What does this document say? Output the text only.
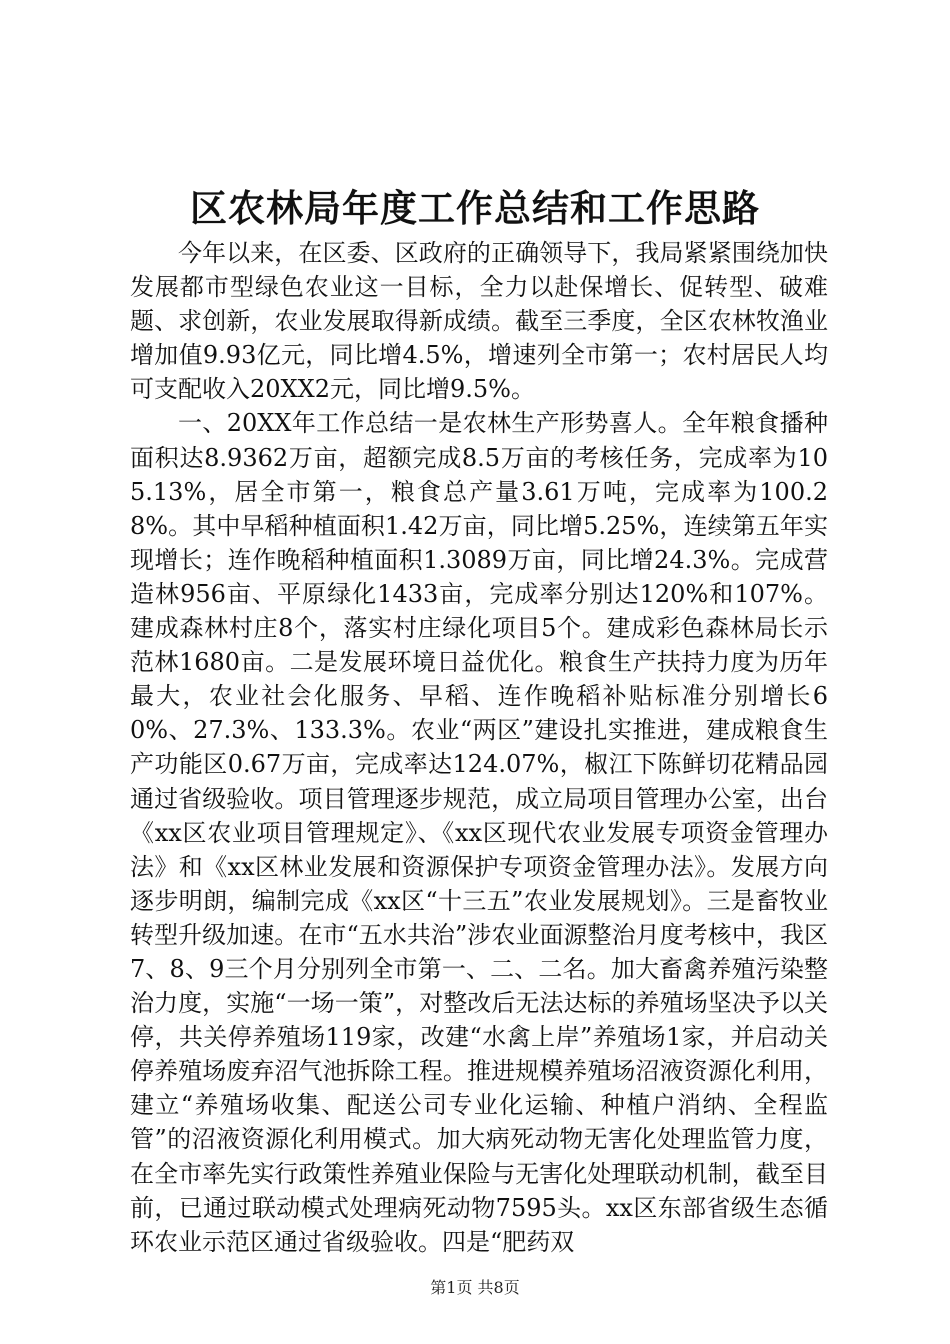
区农林局年度工作总结和工作思路

今年以来，在区委、区政府的正确领导下，我局紧紧围绕加快发展都市型绿色农业这一目标，全力以赴保增长、促转型、破难题、求创新，农业发展取得新成绩。截至三季度，全区农林牧渔业增加值9.93亿元，同比增4.5%，增速列全市第一；农村居民人均可支配收入20XX2元，同比增9.5%。

一、20XX年工作总结一是农林生产形势喜人。全年粮食播种面积达8.9362万亩，超额完成8.5万亩的考核任务，完成率为105.13%，居全市第一，粮食总产量3.61万吨，完成率为100.28%。其中早稻种植面积1.42万亩，同比增5.25%，连续第五年实现增长；连作晚稻种植面积1.3089万亩，同比增24.3%。完成营造林956亩、平原绿化1433亩，完成率分别达120%和107%。建成森林村庄8个，落实村庄绿化项目5个。建成彩色森林局长示范林1680亩。二是发展环境日益优化。粮食生产扶持力度为历年最大，农业社会化服务、早稻、连作晚稻补贴标准分别增长60%、27.3%、133.3%。农业“两区”建设扎实推进，建成粮食生产功能区0.67万亩，完成率达124.07%，椒江下陈鲜切花精品园通过省级验收。项目管理逐步规范，成立局项目管理办公室，出台《xx区农业项目管理规定》、《xx区现代农业发展专项资金管理办法》和《xx区林业发展和资源保护专项资金管理办法》。发展方向逐步明朗，编制完成《xx区“十三五”农业发展规划》。三是畜牧业转型升级加速。在市“五水共治”涉农业面源整治月度考核中，我区7、8、9三个月分别列全市第一、二、二名。加大畜禽养殖污染整治力度，实施“一场一策”，对整改后无法达标的养殖场坚决予以关停，共关停养殖场119家，改建“水禽上岸”养殖场1家，并启动关停养殖场废弃沼气池拆除工程。推进规模养殖场沼液资源化利用，建立“养殖场收集、配送公司专业化运输、种植户消纳、全程监管”的沼液资源化利用模式。加大病死动物无害化处理监管力度，在全市率先实行政策性养殖业保险与无害化处理联动机制，截至目前，已通过联动模式处理病死动物7595头。xx区东部省级生态循环农业示范区通过省级验收。四是“肥药双

第1页 共8页
